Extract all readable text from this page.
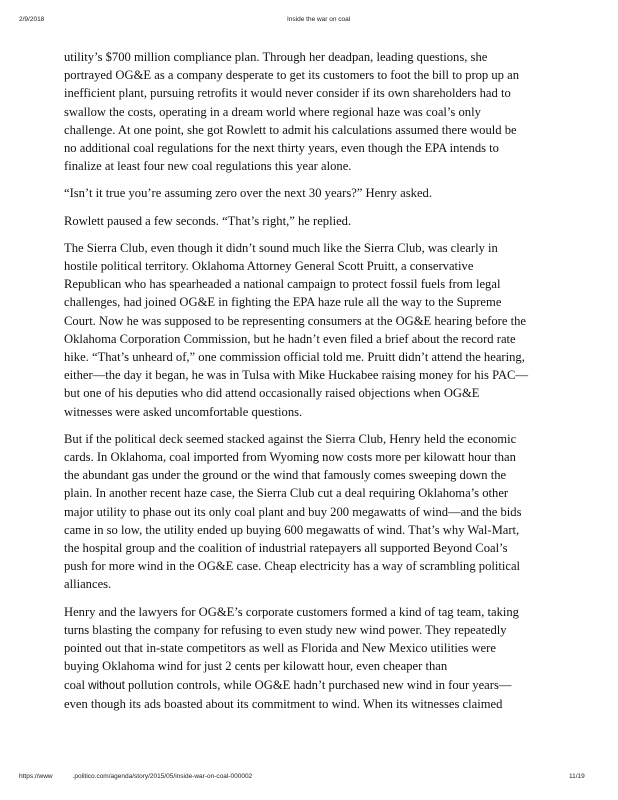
2/9/2018	Inside the war on coal

utility’s $700 million compliance plan. Through her deadpan, leading questions, she
portrayed OG&E as a company desperate to get its customers to foot the bill to prop up an
inefficient plant, pursuing retrofits it would never consider if its own shareholders had to
swallow the costs, operating in a dream world where regional haze was coal’s only
challenge. At one point, she got Rowlett to admit his calculations assumed there would be
no additional coal regulations for the next thirty years, even though the EPA intends to
finalize at least four new coal regulations this year alone.

“Isn’t it true you’re assuming zero over the next 30 years?” Henry asked.

Rowlett paused a few seconds. “That’s right,” he replied.

The Sierra Club, even though it didn’t sound much like the Sierra Club, was clearly in
hostile political territory. Oklahoma Attorney General Scott Pruitt, a conservative
Republican who has spearheaded a national campaign to protect fossil fuels from legal
challenges, had joined OG&E in fighting the EPA haze rule all the way to the Supreme
Court. Now he was supposed to be representing consumers at the OG&E hearing before the
Oklahoma Corporation Commission, but he hadn’t even filed a brief about the record rate
hike. “That’s unheard of,” one commission official told me. Pruitt didn’t attend the hearing,
either—the day it began, he was in Tulsa with Mike Huckabee raising money for his PAC—
but one of his deputies who did attend occasionally raised objections when OG&E
witnesses were asked uncomfortable questions.

But if the political deck seemed stacked against the Sierra Club, Henry held the economic
cards. In Oklahoma, coal imported from Wyoming now costs more per kilowatt hour than
the abundant gas under the ground or the wind that famously comes sweeping down the
plain. In another recent haze case, the Sierra Club cut a deal requiring Oklahoma’s other
major utility to phase out its only coal plant and buy 200 megawatts of wind—and the bids
came in so low, the utility ended up buying 600 megawatts of wind. That’s why Wal-Mart,
the hospital group and the coalition of industrial ratepayers all supported Beyond Coal’s
push for more wind in the OG&E case. Cheap electricity has a way of scrambling political
alliances.

Henry and the lawyers for OG&E’s corporate customers formed a kind of tag team, taking
turns blasting the company for refusing to even study new wind power. They repeatedly
pointed out that in-state competitors as well as Florida and New Mexico utilities were
buying Oklahoma wind for just 2 cents per kilowatt hour, even cheaper than
coal without pollution controls, while OG&E hadn’t purchased new wind in four years—
even though its ads boasted about its commitment to wind. When its witnesses claimed

https://www	.politico.com/agenda/story/2015/05/inside-war-on-coal-000002	11/19
